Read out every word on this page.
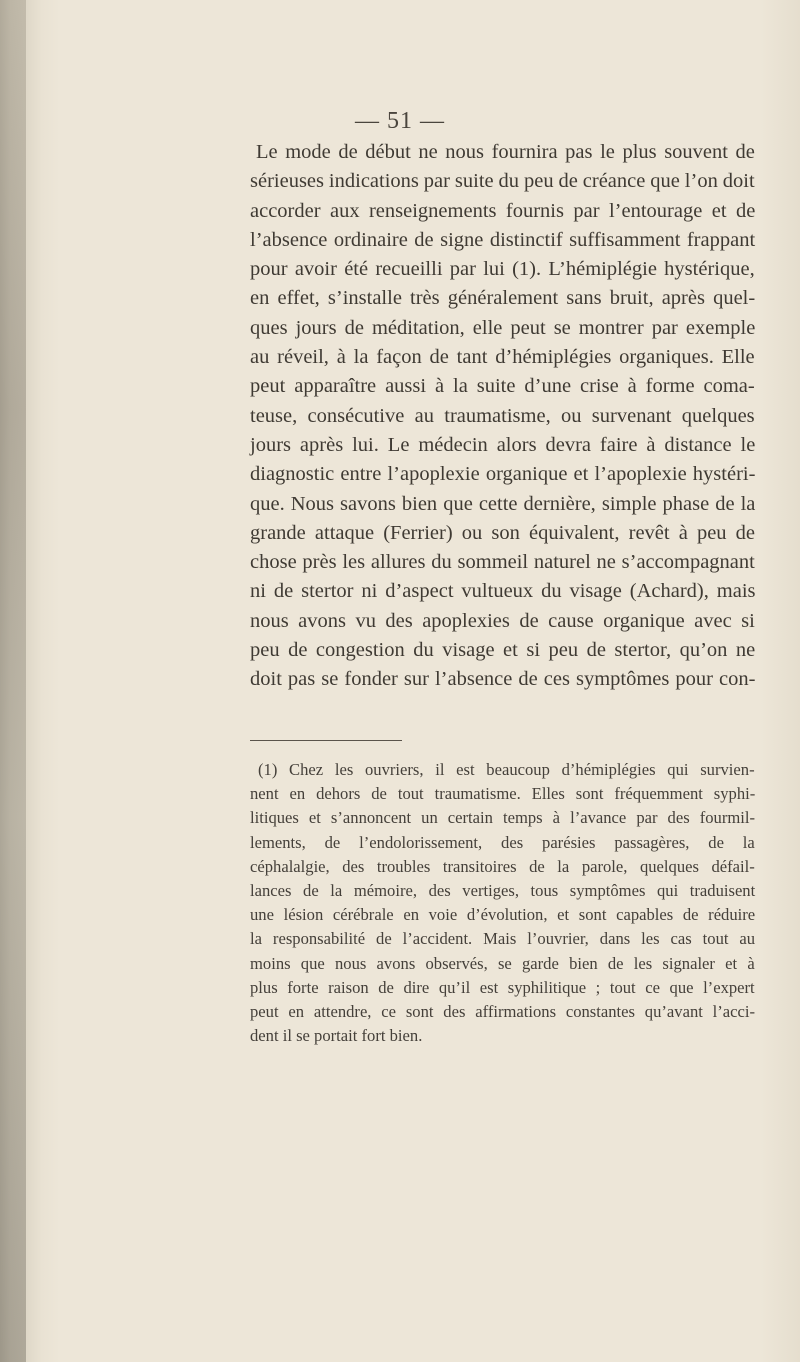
— 51 —
Le mode de début ne nous fournira pas le plus souvent de
sérieuses indications par suite du peu de créance que l’on doit
accorder aux renseignements fournis par l’entourage et de
l’absence ordinaire de signe distinctif suffisamment frappant
pour avoir été recueilli par lui (1). L’hémiplégie hystérique,
en effet, s’installe très généralement sans bruit, après quel-
ques jours de méditation, elle peut se montrer par exemple
au réveil, à la façon de tant d’hémiplégies organiques. Elle
peut apparaître aussi à la suite d’une crise à forme coma-
teuse, consécutive au traumatisme, ou survenant quelques
jours après lui. Le médecin alors devra faire à distance le
diagnostic entre l’apoplexie organique et l’apoplexie hystéri-
que. Nous savons bien que cette dernière, simple phase de la
grande attaque (Ferrier) ou son équivalent, revêt à peu de
chose près les allures du sommeil naturel ne s’accompagnant
ni de stertor ni d’aspect vultueux du visage (Achard), mais
nous avons vu des apoplexies de cause organique avec si
peu de congestion du visage et si peu de stertor, qu’on ne
doit pas se fonder sur l’absence de ces symptômes pour con-
(1) Chez les ouvriers, il est beaucoup d’hémiplégies qui survien-
nent en dehors de tout traumatisme. Elles sont fréquemment syphi-
litiques et s’annoncent un certain temps à l’avance par des fourmil-
lements, de l’endolorissement, des parésies passagères, de la
céphalalgie, des troubles transitoires de la parole, quelques défail-
lances de la mémoire, des vertiges, tous symptômes qui traduisent
une lésion cérébrale en voie d’évolution, et sont capables de réduire
la responsabilité de l’accident. Mais l’ouvrier, dans les cas tout au
moins que nous avons observés, se garde bien de les signaler et à
plus forte raison de dire qu’il est syphilitique ; tout ce que l’expert
peut en attendre, ce sont des affirmations constantes qu’avant l’acci-
dent il se portait fort bien.
